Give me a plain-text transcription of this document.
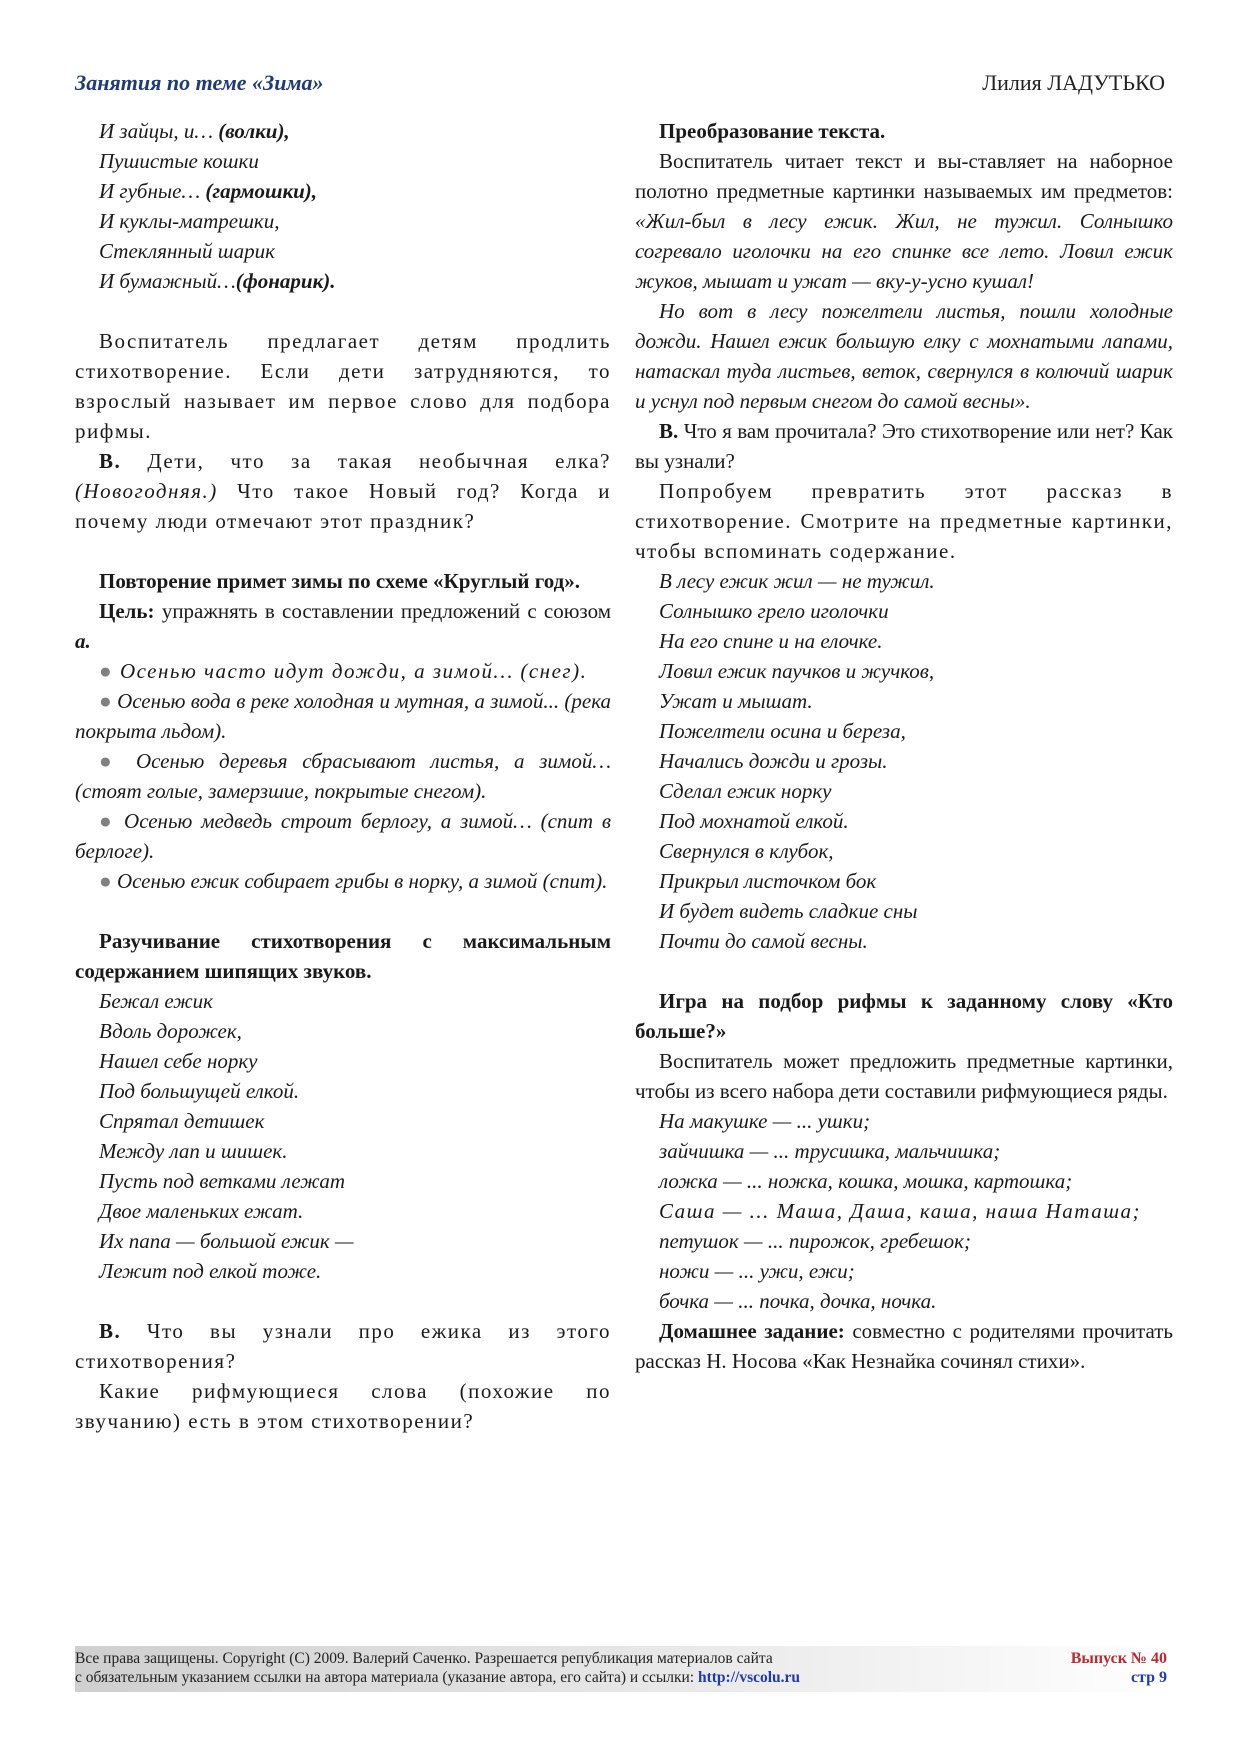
Занятия по теме «Зима»	Лилия ЛАДУТЬКО

И зайцы, и… (волки),

Пушистые кошки

И губные… (гармошки),

И куклы-матрешки,

Стеклянный шарик

И бумажный…(фонарик).

Воспитатель предлагает детям продлить стихотворение. Если дети затрудняются, то взрослый называет им первое слово для подбора рифмы.

В. Дети, что за такая необычная елка? (Новогодняя.) Что такое Новый год? Когда и почему люди отмечают этот праздник?

Повторение примет зимы по схеме «Круглый год».

Цель: упражнять в составлении предложений с союзом а.

● Осенью часто идут дожди, а зимой… (снег).

● Осенью вода в реке холодная и мутная, а зимой... (река покрыта льдом).

● Осенью деревья сбрасывают листья, а зимой… (стоят голые, замерзшие, покрытые снегом).

● Осенью медведь строит берлогу, а зимой… (спит в берлоге).

● Осенью ежик собирает грибы в норку, а зимой (спит).

Разучивание стихотворения с максимальным содержанием шипящих звуков.

Бежал ежик

Вдоль дорожек,

Нашел себе норку

Под большущей елкой.

Спрятал детишек

Между лап и шишек.

Пусть под ветками лежат

Двое маленьких ежат.

Их папа — большой ежик —

Лежит под елкой тоже.

В. Что вы узнали про ежика из этого стихотворения?

Какие рифмующиеся слова (похожие по звучанию) есть в этом стихотворении?

Преобразование текста.

Воспитатель читает текст и вы-ставляет на наборное полотно предметные картинки называемых им предметов: «Жил-был в лесу ежик. Жил, не тужил. Солнышко согревало иголочки на его спинке все лето. Ловил ежик жуков, мышат и ужат — вку-у-усно кушал!

Но вот в лесу пожелтели листья, пошли холодные дожди. Нашел ежик большую елку с мохнатыми лапами, натаскал туда листьев, веток, свернулся в колючий шарик и уснул под первым снегом до самой весны».

В. Что я вам прочитала? Это стихотворение или нет? Как вы узнали?

Попробуем превратить этот рассказ в стихотворение. Смотрите на предметные картинки, чтобы вспоминать содержание.

В лесу ежик жил — не тужил.

Солнышко грело иголочки

На его спине и на елочке.

Ловил ежик паучков и жучков,

Ужат и мышат.

Пожелтели осина и береза,

Начались дожди и грозы.

Сделал ежик норку

Под мохнатой елкой.

Свернулся в клубок,

Прикрыл листочком бок

И будет видеть сладкие сны

Почти до самой весны.

Игра на подбор рифмы к заданному слову «Кто больше?»

Воспитатель может предложить предметные картинки, чтобы из всего набора дети составили рифмующиеся ряды.

На макушке — ... ушки;

зайчишка — ... трусишка, мальчишка;

ложка — ... ножка, кошка, мошка, картошка;

Саша — ... Маша, Даша, каша, наша Наташа;

петушок — ... пирожок, гребешок;

ножи — ... ужи, ежи;

бочка — ... почка, дочка, ночка.

Домашнее задание: совместно с родителями прочитать рассказ Н. Носова «Как Незнайка сочинял стихи».

Все права защищены. Copyright (C) 2009. Валерий Саченко. Разрешается републикация материалов сайта
с обязательным указанием ссылки на автора материала (указание автора, его сайта) и ссылки: http://vscolu.ru
Выпуск № 40
стр 9
